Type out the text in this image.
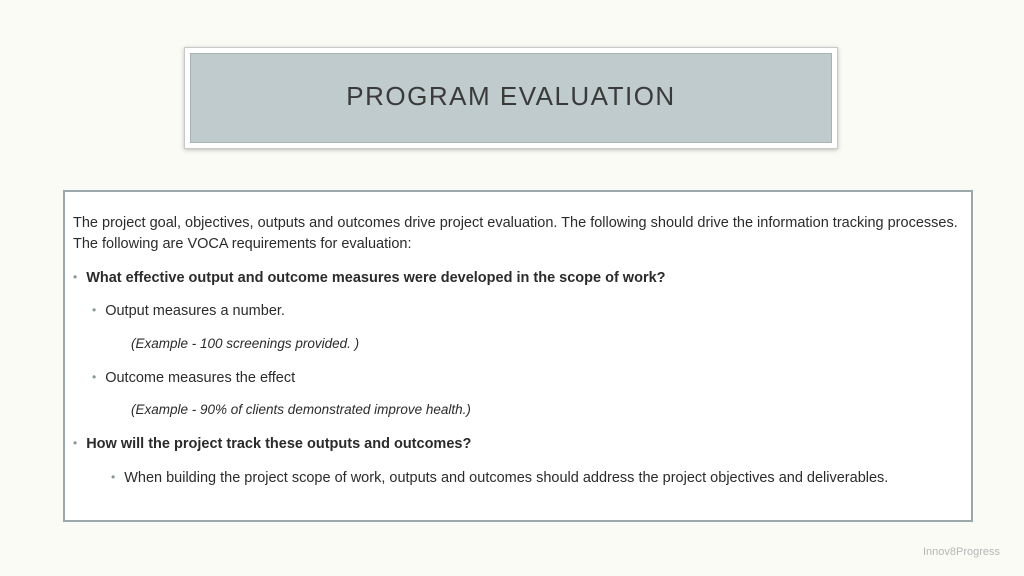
PROGRAM EVALUATION
The project goal, objectives, outputs and outcomes drive project evaluation. The following should drive the information tracking processes. The following are VOCA requirements for evaluation:
• What effective output and outcome measures were developed in the scope of work?
• Output measures a number.
(Example - 100 screenings provided. )
• Outcome measures the effect
(Example - 90% of clients demonstrated improve health.)
• How will the project track these outputs and outcomes?
• When building the project scope of work, outputs and outcomes should address the project objectives and deliverables.
Innov8Progress
